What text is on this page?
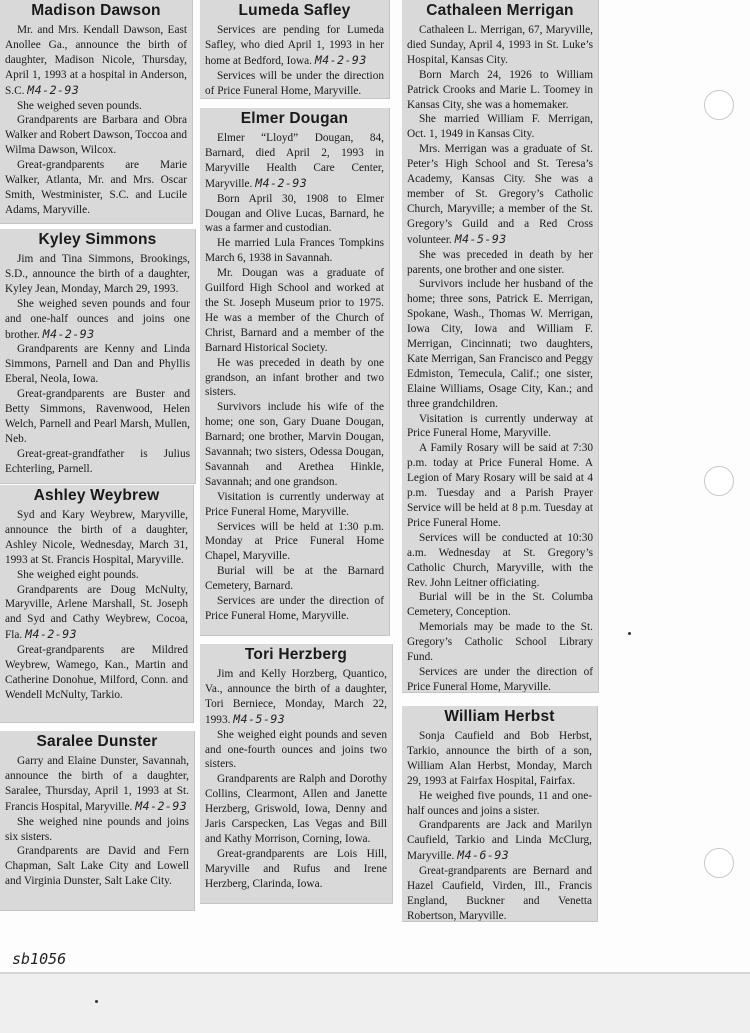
Madison Dawson

Mr. and Mrs. Kendall Dawson, East Anollee Ga., announce the birth of daughter, Madison Nicole, Thursday, April 1, 1993 at a hospital in Anderson, S.C. M4-2-93

She weighed seven pounds.

Grandparents are Barbara and Obra Walker and Robert Dawson, Toccoa and Wilma Dawson, Wilcox.

Great-grandparents are Marie Walker, Atlanta, Mr. and Mrs. Oscar Smith, Westminister, S.C. and Lucile Adams, Maryville.

Kyley Simmons

Jim and Tina Simmons, Brookings, S.D., announce the birth of a daughter, Kyley Jean, Monday, March 29, 1993.

She weighed seven pounds and four and one-half ounces and joins one brother. M4-2-93

Grandparents are Kenny and Linda Simmons, Parnell and Dan and Phyllis Eberal, Neola, Iowa.

Great-grandparents are Buster and Betty Simmons, Ravenwood, Helen Welch, Parnell and Pearl Marsh, Mullen, Neb.

Great-great-grandfather is Julius Echterling, Parnell.

Ashley Weybrew

Syd and Kary Weybrew, Maryville, announce the birth of a daughter, Ashley Nicole, Wednesday, March 31, 1993 at St. Francis Hospital, Maryville.

She weighed eight pounds.

Grandparents are Doug McNulty, Maryville, Arlene Marshall, St. Joseph and Syd and Cathy Weybrew, Cocoa, Fla. M4-2-93

Great-grandparents are Mildred Weybrew, Wamego, Kan., Martin and Catherine Donohue, Milford, Conn. and Wendell McNulty, Tarkio.

Saralee Dunster

Garry and Elaine Dunster, Savannah, announce the birth of a daughter, Saralee, Thursday, April 1, 1993 at St. Francis Hospital, Maryville. M4-2-93

She weighed nine pounds and joins six sisters.

Grandparents are David and Fern Chapman, Salt Lake City and Lowell and Virginia Dunster, Salt Lake City.

Lumeda Safley

Services are pending for Lumeda Safley, who died April 1, 1993 in her home at Bedford, Iowa. M4-2-93

Services will be under the direction of Price Funeral Home, Maryville.

Elmer Dougan

Elmer “Lloyd” Dougan, 84, Barnard, died April 2, 1993 in Maryville Health Care Center, Maryville. M4-2-93

Born April 30, 1908 to Elmer Dougan and Olive Lucas, Barnard, he was a farmer and custodian.

He married Lula Frances Tompkins March 6, 1938 in Savannah.

Mr. Dougan was a graduate of Guilford High School and worked at the St. Joseph Museum prior to 1975. He was a member of the Church of Christ, Barnard and a member of the Barnard Historical Society.

He was preceded in death by one grandson, an infant brother and two sisters.

Survivors include his wife of the home; one son, Gary Duane Dougan, Barnard; one brother, Marvin Dougan, Savannah; two sisters, Odessa Dougan, Savannah and Arethea Hinkle, Savannah; and one grandson.

Visitation is currently underway at Price Funeral Home, Maryville.

Services will be held at 1:30 p.m. Monday at Price Funeral Home Chapel, Maryville.

Burial will be at the Barnard Cemetery, Barnard.

Services are under the direction of Price Funeral Home, Maryville.

Tori Herzberg

Jim and Kelly Horzberg, Quantico, Va., announce the birth of a daughter, Tori Berniece, Monday, March 22, 1993. M4-5-93

She weighed eight pounds and seven and one-fourth ounces and joins two sisters.

Grandparents are Ralph and Dorothy Collins, Clearmont, Allen and Janette Herzberg, Griswold, Iowa, Denny and Jaris Carspecken, Las Vegas and Bill and Kathy Morrison, Corning, Iowa.

Great-grandparents are Lois Hill, Maryville and Rufus and Irene Herzberg, Clarinda, Iowa.

Cathaleen Merrigan

Cathaleen L. Merrigan, 67, Maryville, died Sunday, April 4, 1993 in St. Luke’s Hospital, Kansas City.

Born March 24, 1926 to William Patrick Crooks and Marie L. Toomey in Kansas City, she was a homemaker.

She married William F. Merrigan, Oct. 1, 1949 in Kansas City.

Mrs. Merrigan was a graduate of St. Peter’s High School and St. Teresa’s Academy, Kansas City. She was a member of St. Gregory’s Catholic Church, Maryville; a member of the St. Gregory’s Guild and a Red Cross volunteer. M4-5-93

She was preceded in death by her parents, one brother and one sister.

Survivors include her husband of the home; three sons, Patrick E. Merrigan, Spokane, Wash., Thomas W. Merrigan, Iowa City, Iowa and William F. Merrigan, Cincinnati; two daughters, Kate Merrigan, San Francisco and Peggy Edmiston, Temecula, Calif.; one sister, Elaine Williams, Osage City, Kan.; and three grandchildren.

Visitation is currently underway at Price Funeral Home, Maryville.

A Family Rosary will be said at 7:30 p.m. today at Price Funeral Home. A Legion of Mary Rosary will be said at 4 p.m. Tuesday and a Parish Prayer Service will be held at 8 p.m. Tuesday at Price Funeral Home.

Services will be conducted at 10:30 a.m. Wednesday at St. Gregory’s Catholic Church, Maryville, with the Rev. John Leitner officiating.

Burial will be in the St. Columba Cemetery, Conception.

Memorials may be made to the St. Gregory’s Catholic School Library Fund.

Services are under the direction of Price Funeral Home, Maryville.

William Herbst

Sonja Caufield and Bob Herbst, Tarkio, announce the birth of a son, William Alan Herbst, Monday, March 29, 1993 at Fairfax Hospital, Fairfax.

He weighed five pounds, 11 and one-half ounces and joins a sister.

Grandparents are Jack and Marilyn Caufield, Tarkio and Linda McClurg, Maryville. M4-6-93

Great-grandparents are Bernard and Hazel Caufield, Virden, Ill., Francis England, Buckner and Venetta Robertson, Maryville.

sb1056
